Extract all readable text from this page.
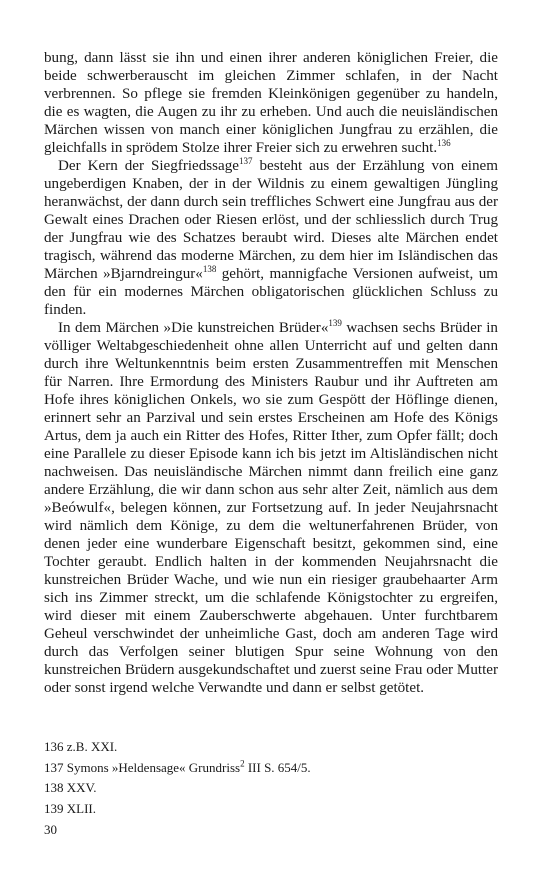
bung, dann lässt sie ihn und einen ihrer anderen königlichen Freier, die beide schwerberauscht im gleichen Zimmer schlafen, in der Nacht verbrennen. So pflege sie fremden Kleinkönigen gegenüber zu handeln, die es wagten, die Augen zu ihr zu erheben. Und auch die neuisländischen Märchen wissen von manch einer königlichen Jungfrau zu erzählen, die gleichfalls in sprödem Stolze ihrer Freier sich zu erwehren sucht.$^{136}$

Der Kern der Siegfriedssage$^{137}$ besteht aus der Erzählung von einem ungeberdigen Knaben, der in der Wildnis zu einem gewaltigen Jüngling heranwächst, der dann durch sein treffliches Schwert eine Jungfrau aus der Gewalt eines Drachen oder Riesen erlöst, und der schliesslich durch Trug der Jungfrau wie des Schatzes beraubt wird. Dieses alte Märchen endet tragisch, während das moderne Märchen, zu dem hier im Isländischen das Märchen »Bjarndreingur«$^{138}$ gehört, mannigfache Versionen aufweist, um den für ein modernes Märchen obligatorischen glücklichen Schluss zu finden.

In dem Märchen »Die kunstreichen Brüder«$^{139}$ wachsen sechs Brüder in völliger Weltabgeschiedenheit ohne allen Unterricht auf und gelten dann durch ihre Weltunkenntnis beim ersten Zusammentreffen mit Menschen für Narren. Ihre Ermordung des Ministers Raubur und ihr Auftreten am Hofe ihres königlichen Onkels, wo sie zum Gespött der Höflinge dienen, erinnert sehr an Parzival und sein erstes Erscheinen am Hofe des Königs Artus, dem ja auch ein Ritter des Hofes, Ritter Ither, zum Opfer fällt; doch eine Parallele zu dieser Episode kann ich bis jetzt im Altisländischen nicht nachweisen. Das neuisländische Märchen nimmt dann freilich eine ganz andere Erzählung, die wir dann schon aus sehr alter Zeit, nämlich aus dem »Beówulf«, belegen können, zur Fortsetzung auf. In jeder Neujahrsnacht wird nämlich dem Könige, zu dem die weltunerfahrenen Brüder, von denen jeder eine wunderbare Eigenschaft besitzt, gekommen sind, eine Tochter geraubt. Endlich halten in der kommenden Neujahrsnacht die kunstreichen Brüder Wache, und wie nun ein riesiger graubehaarter Arm sich ins Zimmer streckt, um die schlafende Königstochter zu ergreifen, wird dieser mit einem Zauberschwerte abgehauen. Unter furchtbarem Geheul verschwindet der unheimliche Gast, doch am anderen Tage wird durch das Verfolgen seiner blutigen Spur seine Wohnung von den kunstreichen Brüdern ausgekundschaftet und zuerst seine Frau oder Mutter oder sonst irgend welche Verwandte und dann er selbst getötet.

136 z.B. XXI.
137 Symons »Heldensage« Grundriss$^2$ III S. 654/5.
138 XXV.
139 XLII.
30
